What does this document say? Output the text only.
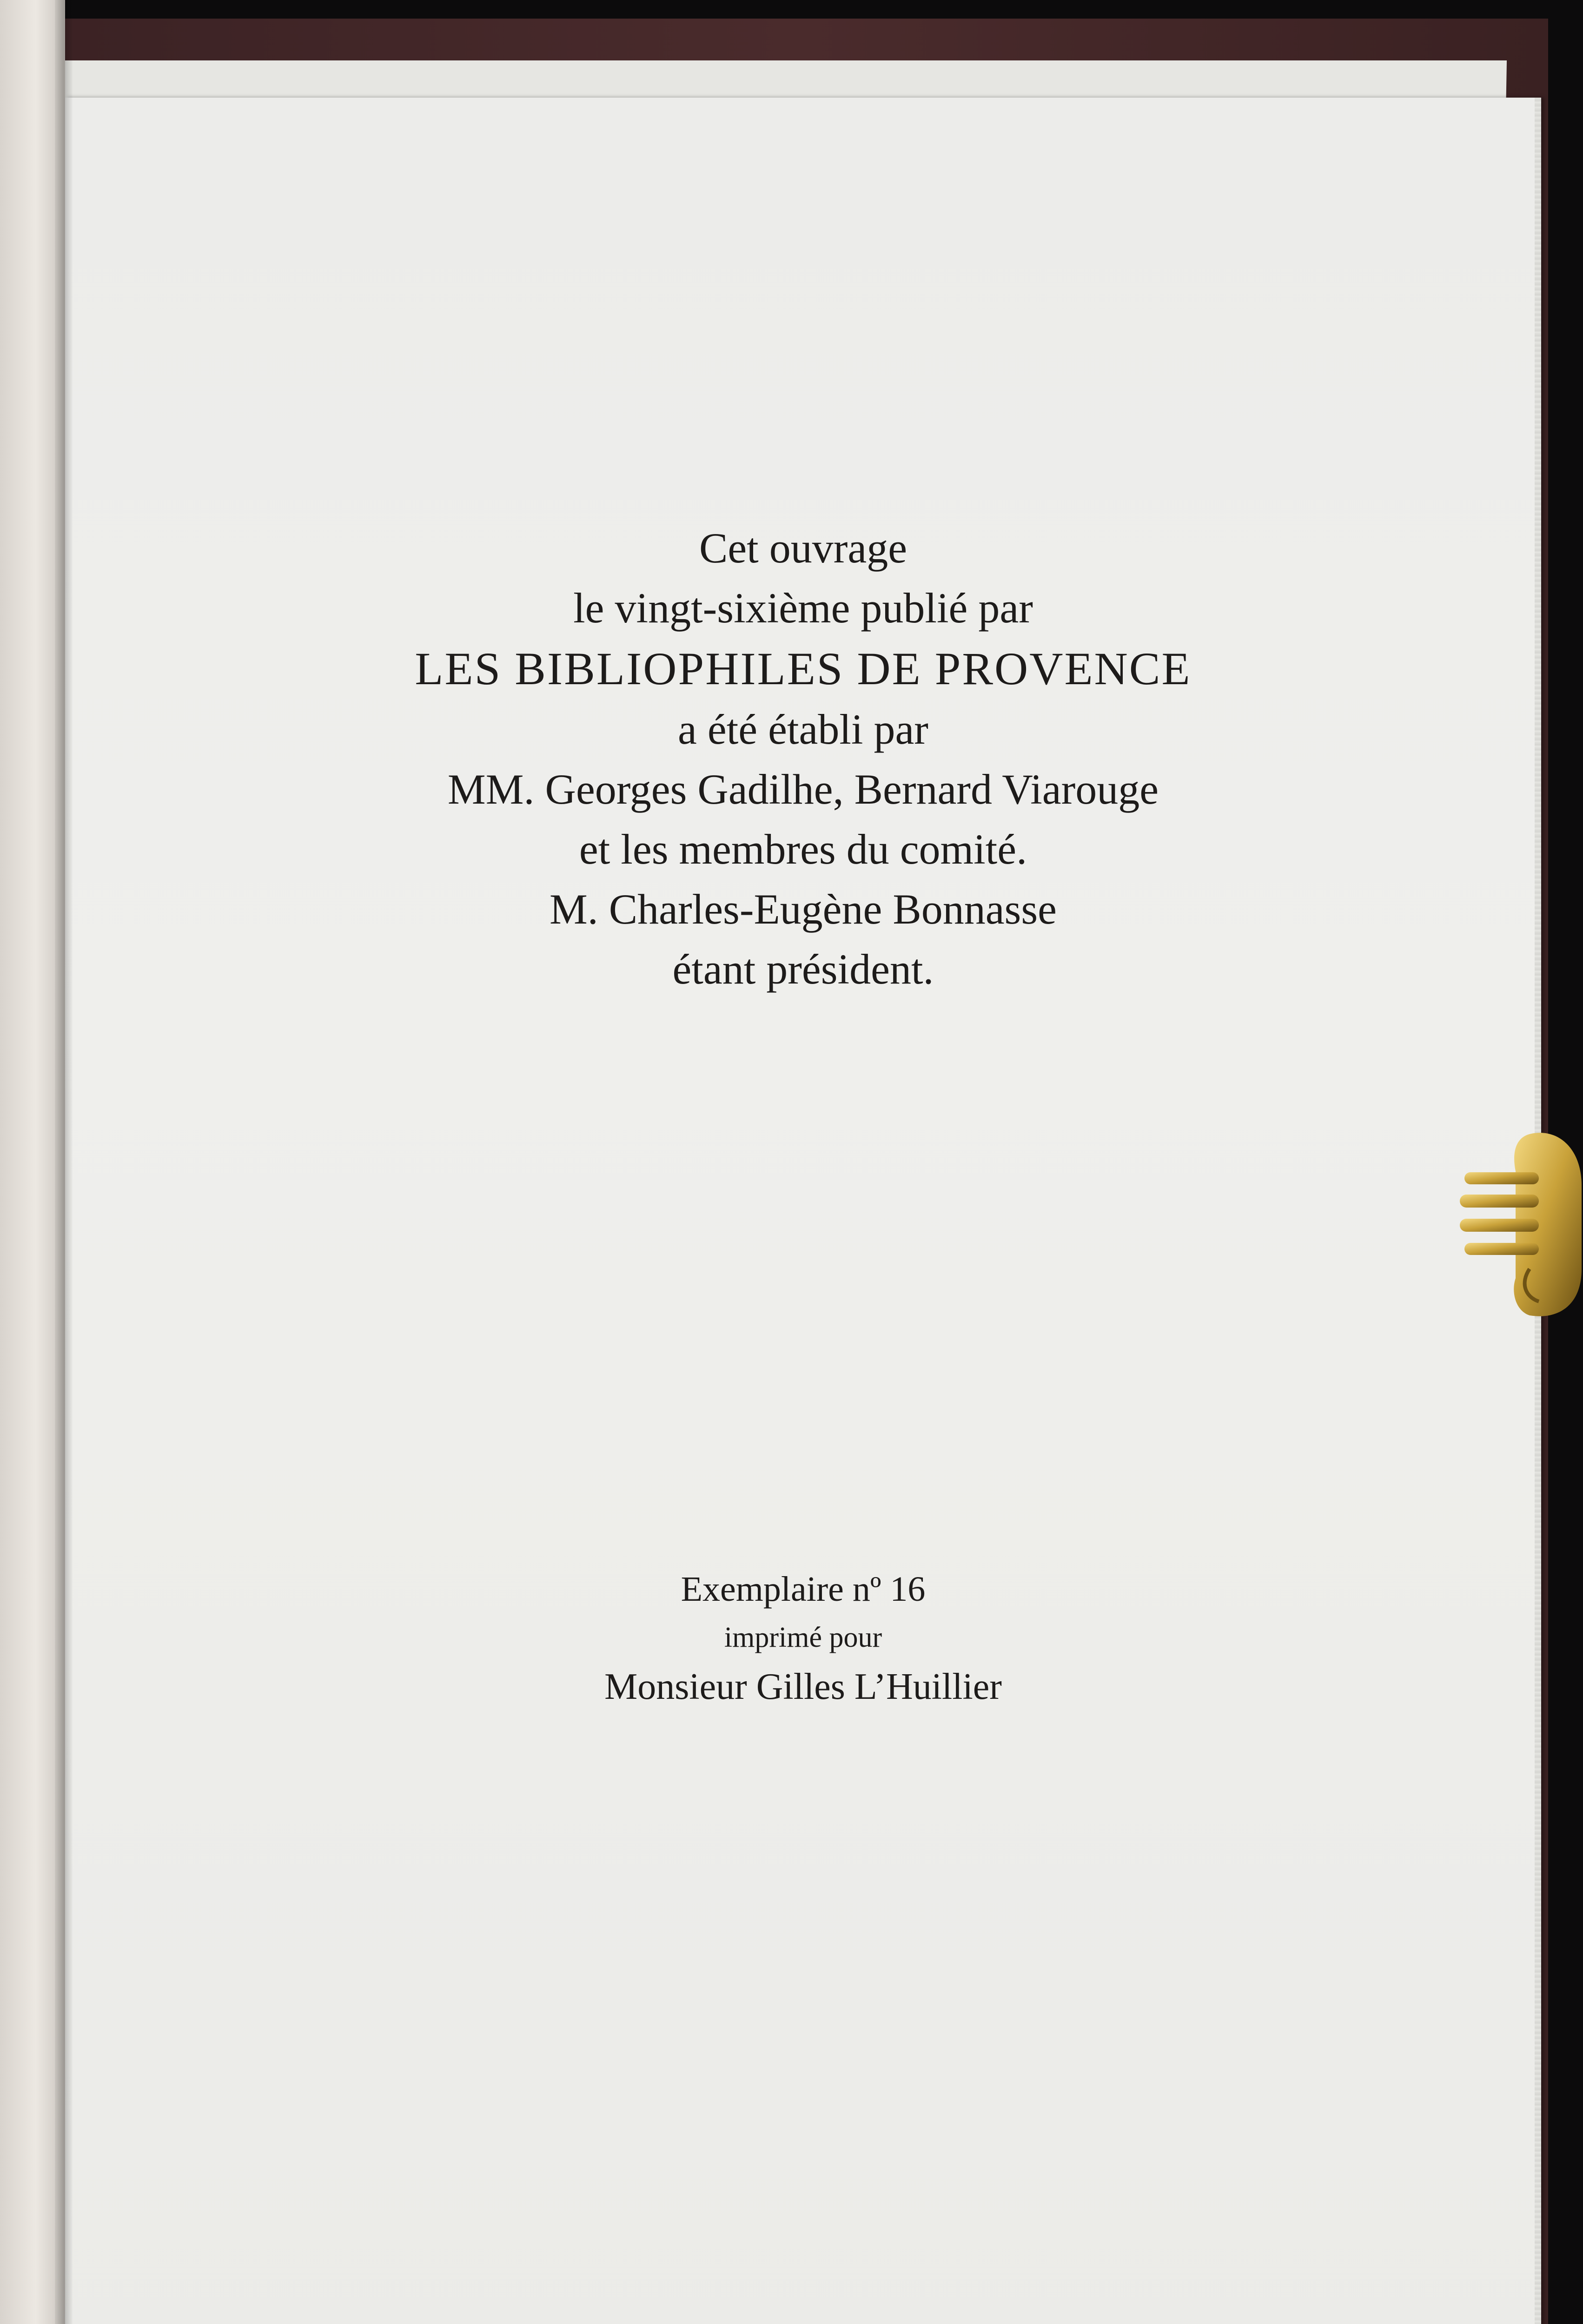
Cet ouvrage
le vingt-sixième publié par
LES BIBLIOPHILES DE PROVENCE
a été établi par
MM. Georges Gadilhe, Bernard Viarouge
et les membres du comité.
M. Charles-Eugène Bonnasse
étant président.
Exemplaire nº 16
imprimé pour
Monsieur Gilles L’Huillier
